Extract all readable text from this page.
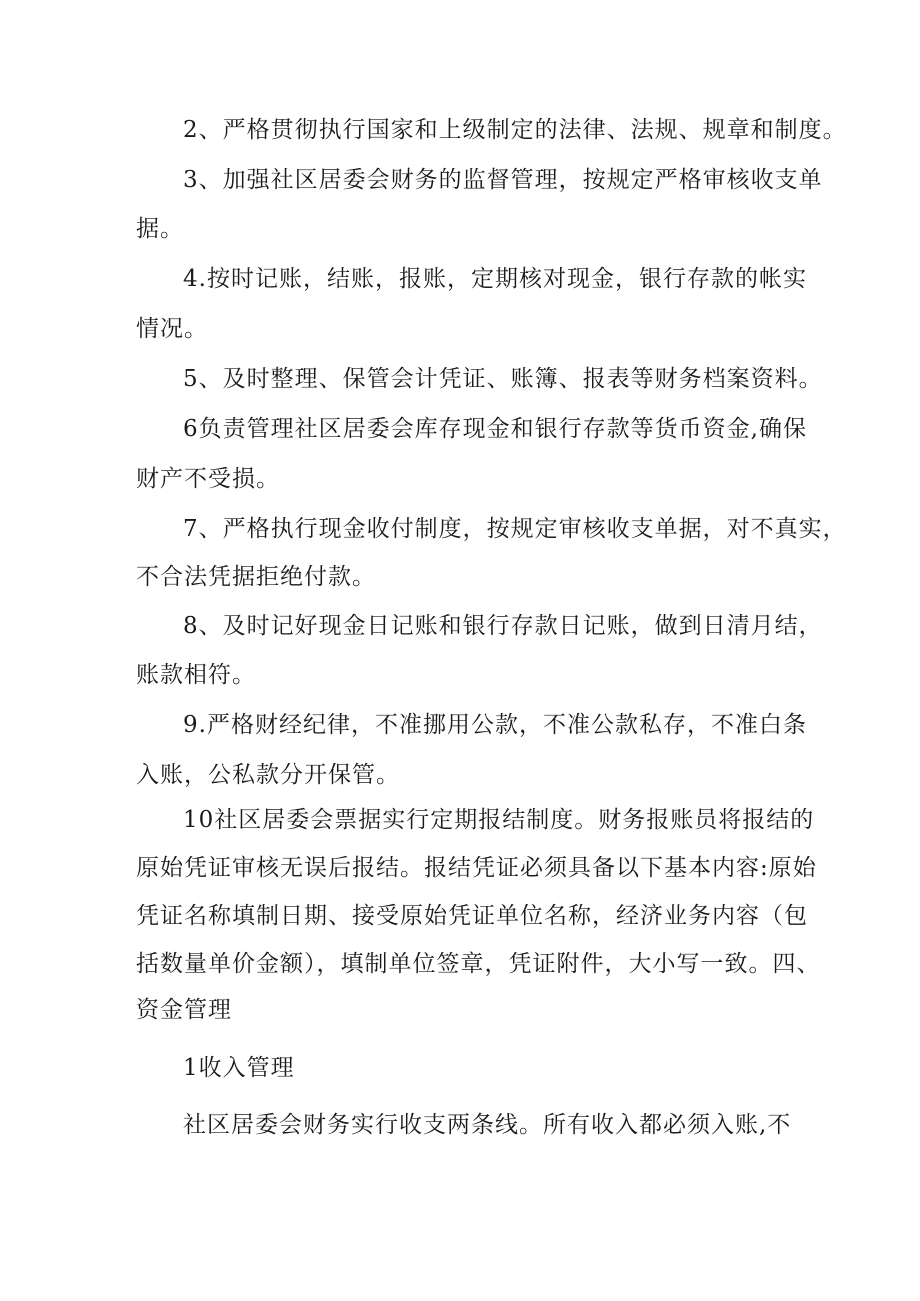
2、严格贯彻执行国家和上级制定的法律、法规、规章和制度。
3、加强社区居委会财务的监督管理，按规定严格审核收支单
据。
4.按时记账，结账，报账，定期核对现金，银行存款的帐实
情况。
5、及时整理、保管会计凭证、账簿、报表等财务档案资料。
6负责管理社区居委会库存现金和银行存款等货币资金,确保
财产不受损。
7、严格执行现金收付制度，按规定审核收支单据，对不真实，
不合法凭据拒绝付款。
8、及时记好现金日记账和银行存款日记账，做到日清月结，
账款相符。
9.严格财经纪律，不准挪用公款，不准公款私存，不准白条
入账，公私款分开保管。
10社区居委会票据实行定期报结制度。财务报账员将报结的
原始凭证审核无误后报结。报结凭证必须具备以下基本内容:原始
凭证名称填制日期、接受原始凭证单位名称，经济业务内容（包
括数量单价金额），填制单位签章，凭证附件，大小写一致。四、
资金管理
1收入管理
社区居委会财务实行收支两条线。所有收入都必须入账,不
